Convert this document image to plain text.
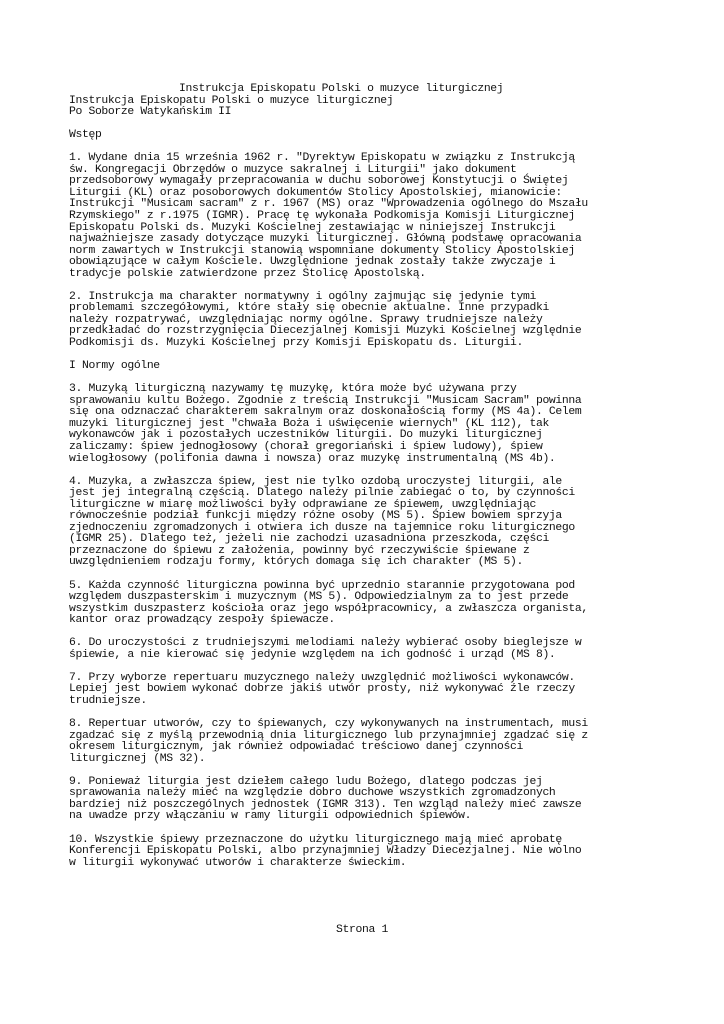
Instrukcja Episkopatu Polski o muzyce liturgicznej
Instrukcja Episkopatu Polski o muzyce liturgicznej
Po Soborze Watykańskim II
Wstęp
1. Wydane dnia 15 września 1962 r. "Dyrektyw Episkopatu w związku z Instrukcją
św. Kongregacji Obrzędów o muzyce sakralnej i Liturgii" jako dokument
przedsoborowy wymagały przepracowania w duchu soborowej Konstytucji o Świętej
Liturgii (KL) oraz posoborowych dokumentów Stolicy Apostolskiej, mianowicie:
Instrukcji "Musicam sacram" z r. 1967 (MS) oraz "Wprowadzenia ogólnego do Mszału
Rzymskiego" z r.1975 (IGMR). Pracę tę wykonała Podkomisja Komisji Liturgicznej
Episkopatu Polski ds. Muzyki Kościelnej zestawiając w niniejszej Instrukcji
najważniejsze zasady dotyczące muzyki liturgicznej. Główną podstawę opracowania
norm zawartych w Instrukcji stanowią wspomniane dokumenty Stolicy Apostolskiej
obowiązujące w całym Kościele. Uwzględnione jednak zostały także zwyczaje i
tradycje polskie zatwierdzone przez Stolicę Apostolską.
2. Instrukcja ma charakter normatywny i ogólny zajmując się jedynie tymi
problemami szczegółowymi, które stały się obecnie aktualne. Inne przypadki
należy rozpatrywać, uwzględniając normy ogólne. Sprawy trudniejsze należy
przedkładać do rozstrzygnięcia Diecezjalnej Komisji Muzyki Kościelnej względnie
Podkomisji ds. Muzyki Kościelnej przy Komisji Episkopatu ds. Liturgii.
I Normy ogólne
3. Muzyką liturgiczną nazywamy tę muzykę, która może być używana przy
sprawowaniu kultu Bożego. Zgodnie z treścią Instrukcji "Musicam Sacram" powinna
się ona odznaczać charakterem sakralnym oraz doskonałością formy (MS 4a). Celem
muzyki liturgicznej jest "chwała Boża i uświęcenie wiernych" (KL 112), tak
wykonawców jak i pozostałych uczestników liturgii. Do muzyki liturgicznej
zaliczamy: śpiew jednogłosowy (chorał gregoriański i śpiew ludowy), śpiew
wielogłosowy (polifonia dawna i nowsza) oraz muzykę instrumentalną (MS 4b).
4. Muzyka, a zwłaszcza śpiew, jest nie tylko ozdobą uroczystej liturgii, ale
jest jej integralną częścią. Dlatego należy pilnie zabiegać o to, by czynności
liturgiczne w miarę możliwości były odprawiane ze śpiewem, uwzględniając
równocześnie podział funkcji między różne osoby (MS 5). Śpiew bowiem sprzyja
zjednoczeniu zgromadzonych i otwiera ich dusze na tajemnice roku liturgicznego
(IGMR 25). Dlatego też, jeżeli nie zachodzi uzasadniona przeszkoda, części
przeznaczone do śpiewu z założenia, powinny być rzeczywiście śpiewane z
uwzględnieniem rodzaju formy, których domaga się ich charakter (MS 5).
5. Każda czynność liturgiczna powinna być uprzednio starannie przygotowana pod
względem duszpasterskim i muzycznym (MS 5). Odpowiedzialnym za to jest przede
wszystkim duszpasterz kościoła oraz jego współpracownicy, a zwłaszcza organista,
kantor oraz prowadzący zespoły śpiewacze.
6. Do uroczystości z trudniejszymi melodiami należy wybierać osoby bieglejsze w
śpiewie, a nie kierować się jedynie względem na ich godność i urząd (MS 8).
7. Przy wyborze repertuaru muzycznego należy uwzględnić możliwości wykonawców.
Lepiej jest bowiem wykonać dobrze jakiś utwór prosty, niż wykonywać źle rzeczy
trudniejsze.
8. Repertuar utworów, czy to śpiewanych, czy wykonywanych na instrumentach, musi
zgadzać się z myślą przewodnią dnia liturgicznego lub przynajmniej zgadzać się z
okresem liturgicznym, jak również odpowiadać treściowo danej czynności
liturgicznej (MS 32).
9. Ponieważ liturgia jest dziełem całego ludu Bożego, dlatego podczas jej
sprawowania należy mieć na względzie dobro duchowe wszystkich zgromadzonych
bardziej niż poszczególnych jednostek (IGMR 313). Ten wzgląd należy mieć zawsze
na uwadze przy włączaniu w ramy liturgii odpowiednich śpiewów.
10. Wszystkie śpiewy przeznaczone do użytku liturgicznego mają mieć aprobatę
Konferencji Episkopatu Polski, albo przynajmniej Władzy Diecezjalnej. Nie wolno
w liturgii wykonywać utworów i charakterze świeckim.
Strona 1
